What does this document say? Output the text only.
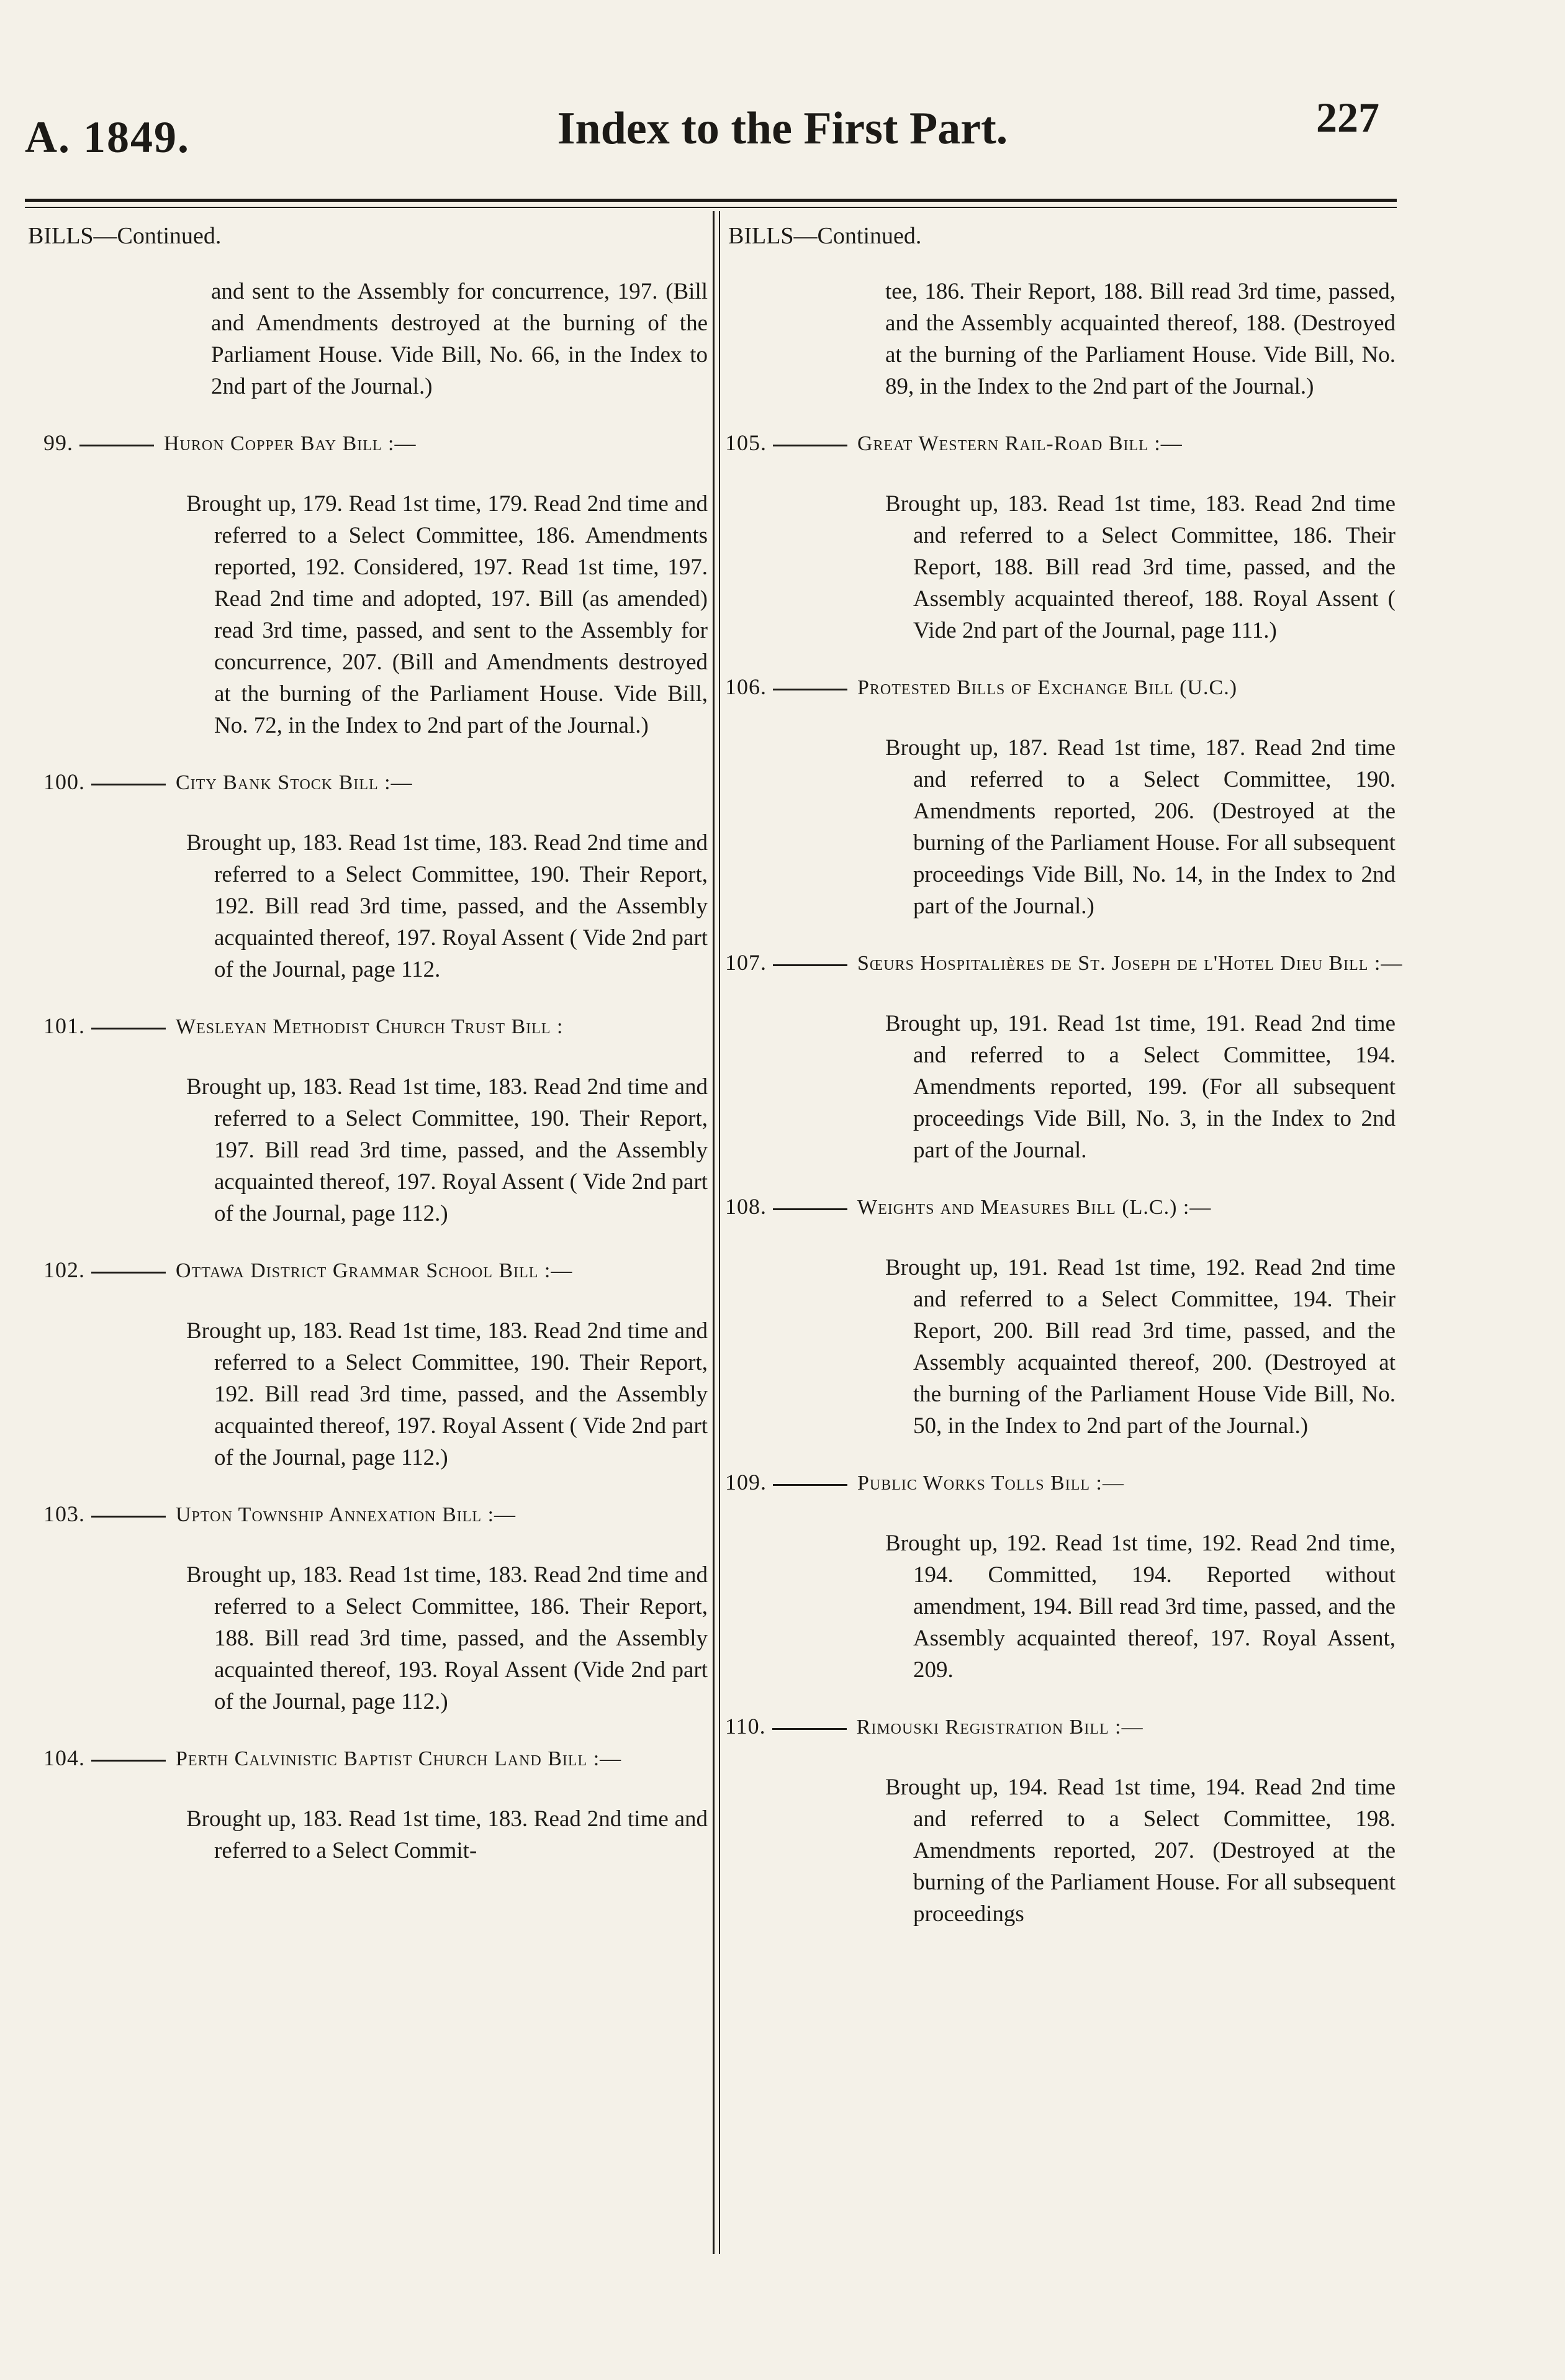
A. 1849.	Index to the First Part.	227
BILLS—Continued.
and sent to the Assembly for concurrence, 197. (Bill and Amendments destroyed at the burning of the Parliament House. Vide Bill, No. 66, in the Index to 2nd part of the Journal.)
99.	Huron Copper Bay Bill :—
Brought up, 179. Read 1st time, 179. Read 2nd time and referred to a Select Committee, 186. Amendments reported, 192. Considered, 197. Read 1st time, 197. Read 2nd time and adopted, 197. Bill (as amended) read 3rd time, passed, and sent to the Assembly for concurrence, 207. (Bill and Amendments destroyed at the burning of the Parliament House. Vide Bill, No. 72, in the Index to 2nd part of the Journal.)
100.	City Bank Stock Bill :—
Brought up, 183. Read 1st time, 183. Read 2nd time and referred to a Select Committee, 190. Their Report, 192. Bill read 3rd time, passed, and the Assembly acquainted thereof, 197. Royal Assent ( Vide 2nd part of the Journal, page 112.
101.	Wesleyan Methodist Church Trust Bill :
Brought up, 183. Read 1st time, 183. Read 2nd time and referred to a Select Committee, 190. Their Report, 197. Bill read 3rd time, passed, and the Assembly acquainted thereof, 197. Royal Assent ( Vide 2nd part of the Journal, page 112.)
102.	Ottawa District Grammar School Bill :—
Brought up, 183. Read 1st time, 183. Read 2nd time and referred to a Select Committee, 190. Their Report, 192. Bill read 3rd time, passed, and the Assembly acquainted thereof, 197. Royal Assent ( Vide 2nd part of the Journal, page 112.)
103.	Upton Township Annexation Bill :—
Brought up, 183. Read 1st time, 183. Read 2nd time and referred to a Select Committee, 186. Their Report, 188. Bill read 3rd time, passed, and the Assembly acquainted thereof, 193. Royal Assent (Vide 2nd part of the Journal, page 112.)
104.	Perth Calvinistic Baptist Church Land Bill :—
Brought up, 183. Read 1st time, 183. Read 2nd time and referred to a Select Commit-
BILLS—Continued.
tee, 186. Their Report, 188. Bill read 3rd time, passed, and the Assembly acquainted thereof, 188. (Destroyed at the burning of the Parliament House. Vide Bill, No. 89, in the Index to the 2nd part of the Journal.)
105.	Great Western Rail-Road Bill :—
Brought up, 183. Read 1st time, 183. Read 2nd time and referred to a Select Committee, 186. Their Report, 188. Bill read 3rd time, passed, and the Assembly acquainted thereof, 188. Royal Assent ( Vide 2nd part of the Journal, page 111.)
106.	Protested Bills of Exchange Bill (U.C.)
Brought up, 187. Read 1st time, 187. Read 2nd time and referred to a Select Committee, 190. Amendments reported, 206. (Destroyed at the burning of the Parliament House. For all subsequent proceedings Vide Bill, No. 14, in the Index to 2nd part of the Journal.)
107.	Sœurs Hospitalières de St. Joseph de l'Hotel Dieu Bill :—
Brought up, 191. Read 1st time, 191. Read 2nd time and referred to a Select Committee, 194. Amendments reported, 199. (For all subsequent proceedings Vide Bill, No. 3, in the Index to 2nd part of the Journal.
108.	Weights and Measures Bill (L.C.) :—
Brought up, 191. Read 1st time, 192. Read 2nd time and referred to a Select Committee, 194. Their Report, 200. Bill read 3rd time, passed, and the Assembly acquainted thereof, 200. (Destroyed at the burning of the Parliament House Vide Bill, No. 50, in the Index to 2nd part of the Journal.)
109.	Public Works Tolls Bill :—
Brought up, 192. Read 1st time, 192. Read 2nd time, 194. Committed, 194. Reported without amendment, 194. Bill read 3rd time, passed, and the Assembly acquainted thereof, 197. Royal Assent, 209.
110.	Rimouski Registration Bill :—
Brought up, 194. Read 1st time, 194. Read 2nd time and referred to a Select Committee, 198. Amendments reported, 207. (Destroyed at the burning of the Parliament House. For all subsequent proceedings
